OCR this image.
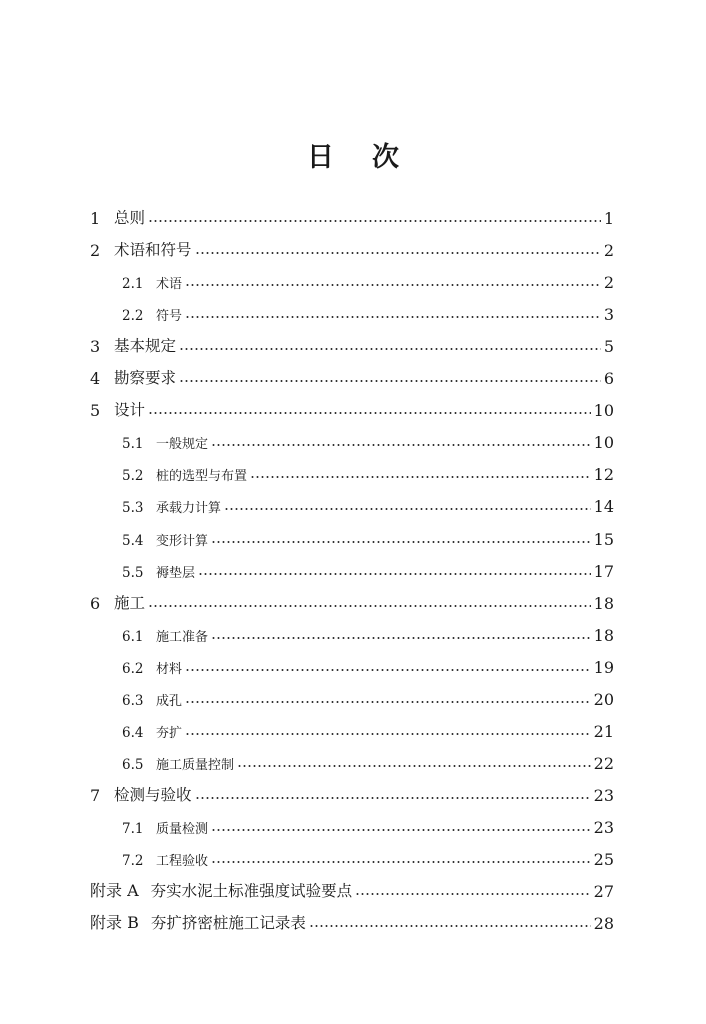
日 次
1 总则	1
2 术语和符号	2
2.1 术语	2
2.2 符号	3
3 基本规定	5
4 勘察要求	6
5 设计	10
5.1 一般规定	10
5.2 桩的选型与布置	12
5.3 承载力计算	14
5.4 变形计算	15
5.5 褥垫层	17
6 施工	18
6.1 施工准备	18
6.2 材料	19
6.3 成孔	20
6.4 夯扩	21
6.5 施工质量控制	22
7 检测与验收	23
7.1 质量检测	23
7.2 工程验收	25
附录 A 夯实水泥土标准强度试验要点	27
附录 B 夯扩挤密桩施工记录表	28
